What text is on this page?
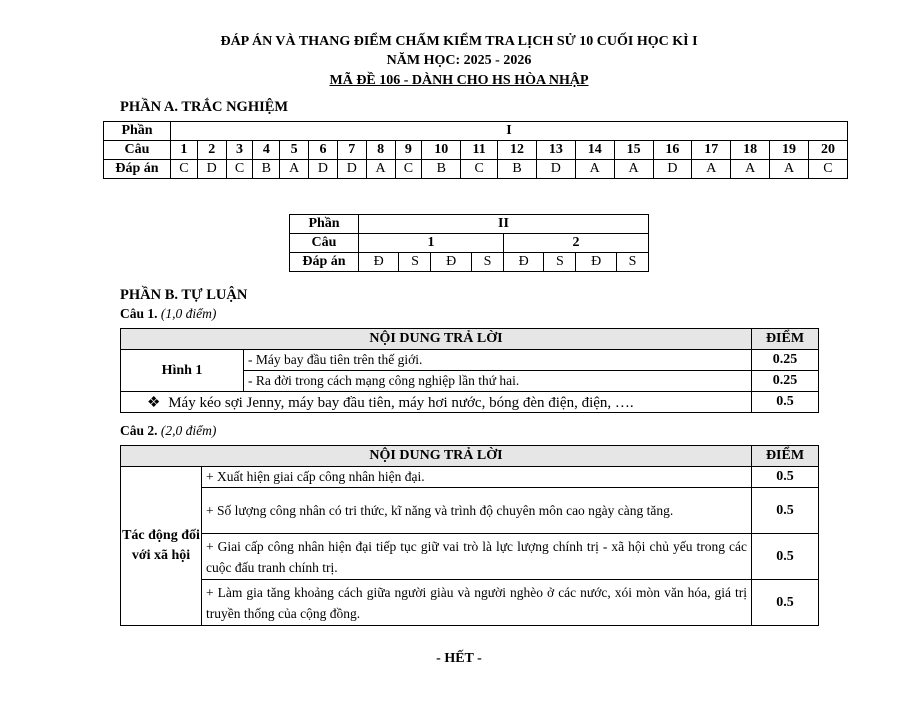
ĐÁP ÁN VÀ THANG ĐIỂM CHẤM KIỂM TRA LỊCH SỬ 10 CUỐI HỌC KÌ I
NĂM HỌC: 2025 - 2026
MÃ ĐỀ 106 - DÀNH CHO HS HÒA NHẬP
PHẦN A. TRẮC NGHIỆM
Phần	I																			
Câu	1	2	3	4	5	6	7	8	9	10	11	12	13	14	15	16	17	18	19	20
Đáp án	C	D	C	B	A	D	D	A	C	B	C	B	D	A	A	D	A	A	A	C
Phần	II							
Câu	1				2			
Đáp án	Đ	S	Đ	S	Đ	S	Đ	S
PHẦN B. TỰ LUẬN
Câu 1. (1,0 điểm)
NỘI DUNG TRẢ LỜI		ĐIỂM
Hình 1	- Máy bay đầu tiên trên thế giới.	0.25
	- Ra đời trong cách mạng công nghiệp lần thứ hai.	0.25
❖ Máy kéo sợi Jenny, máy bay đầu tiên, máy hơi nước, bóng đèn điện, điện, ….		0.5
Câu 2. (2,0 điểm)
NỘI DUNG TRẢ LỜI		ĐIỂM
Tác động đối với xã hội	+ Xuất hiện giai cấp công nhân hiện đại.	0.5
	+ Số lượng công nhân có tri thức, kĩ năng và trình độ chuyên môn cao ngày càng tăng.	0.5
	+ Giai cấp công nhân hiện đại tiếp tục giữ vai trò là lực lượng chính trị - xã hội chủ yếu trong các cuộc đấu tranh chính trị.	0.5
	+ Làm gia tăng khoảng cách giữa người giàu và người nghèo ở các nước, xói mòn văn hóa, giá trị truyền thống của cộng đồng.	0.5
- HẾT -
